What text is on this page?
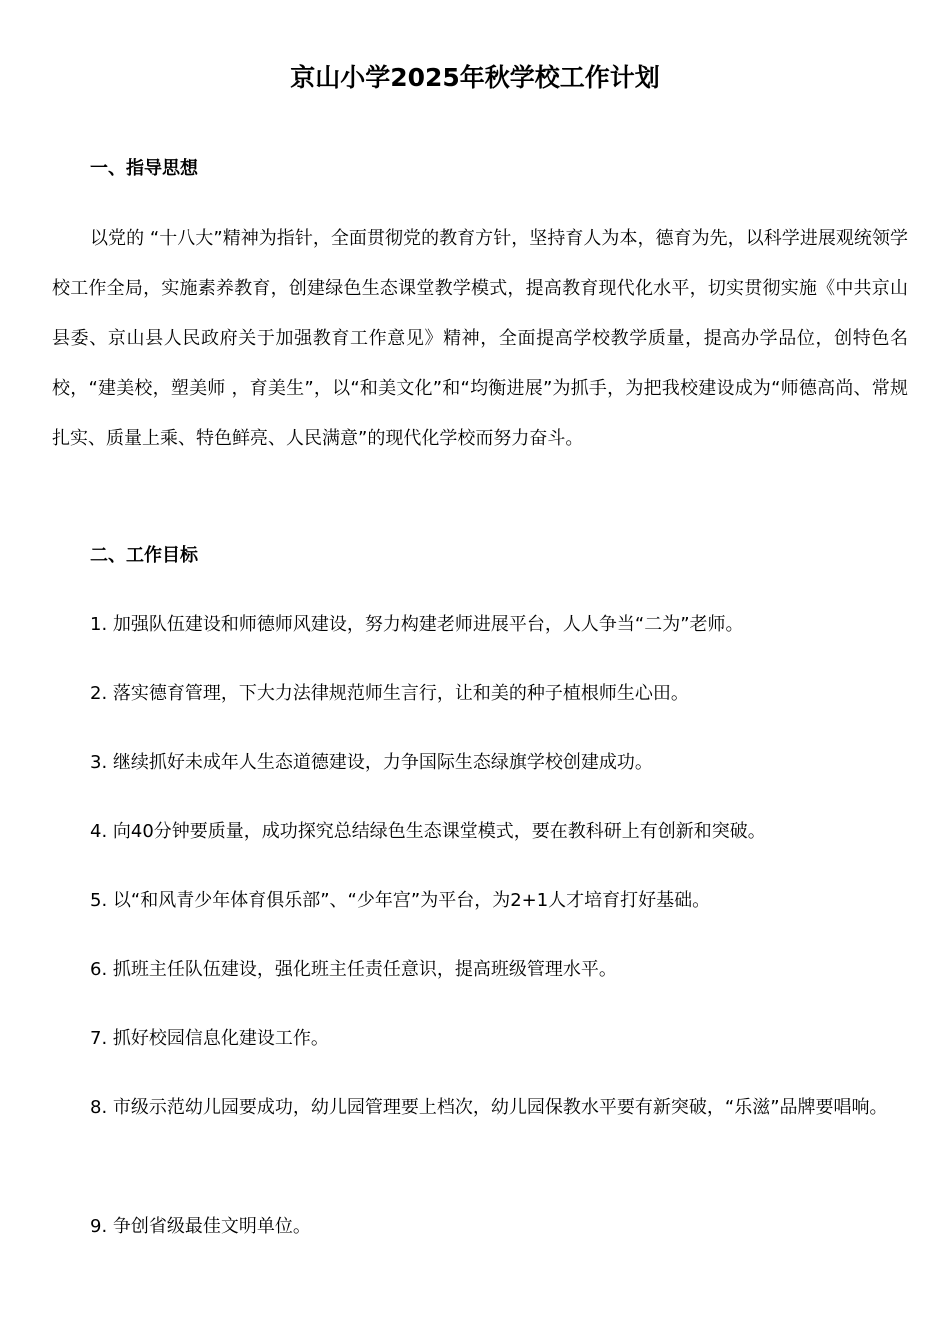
京山小学2025年秋学校工作计划
一、指导思想

以党的 “十八大”精神为指针，全面贯彻党的教育方针，坚持育人为本，德育为先，以科学进展观统领学校工作全局，实施素养教育，创建绿色生态课堂教学模式，提高教育现代化水平，切实贯彻实施《中共京山县委、京山县人民政府关于加强教育工作意见》精神，全面提高学校教学质量，提高办学品位，创特色名校，“建美校，塑美师 ，育美生”，以“和美文化”和“均衡进展”为抓手，为把我校建设成为“师德高尚、常规扎实、质量上乘、特色鲜亮、人民满意”的现代化学校而努力奋斗。

二、工作目标

1. 加强队伍建设和师德师风建设，努力构建老师进展平台，人人争当“二为”老师。

2. 落实德育管理，下大力法律规范师生言行，让和美的种子植根师生心田。

3. 继续抓好未成年人生态道德建设，力争国际生态绿旗学校创建成功。

4. 向40分钟要质量，成功探究总结绿色生态课堂模式，要在教科研上有创新和突破。

5. 以“和风青少年体育俱乐部”、“少年宫”为平台，为2+1人才培育打好基础。

6. 抓班主任队伍建设，强化班主任责任意识，提高班级管理水平。

7. 抓好校园信息化建设工作。

8. 市级示范幼儿园要成功，幼儿园管理要上档次，幼儿园保教水平要有新突破，“乐滋”品牌要唱响。

9. 争创省级最佳文明单位。
